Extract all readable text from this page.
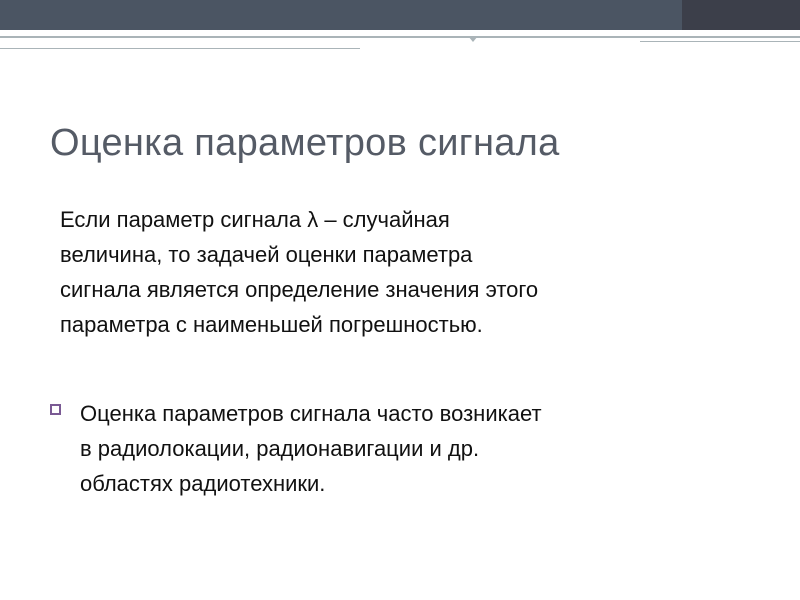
Оценка параметров сигнала
Если параметр сигнала λ – случайная
величина, то задачей оценки параметра
сигнала является определение значения этого
параметра с наименьшей погрешностью.
Оценка параметров сигнала часто возникает
в радиолокации, радионавигации и др.
областях радиотехники.
